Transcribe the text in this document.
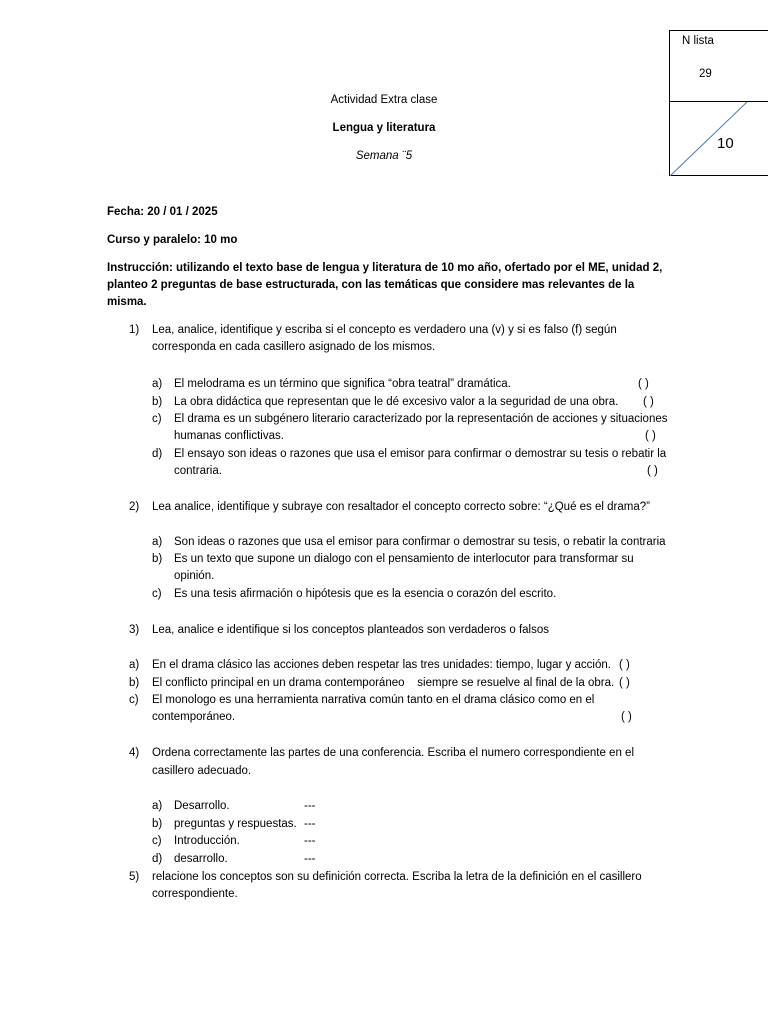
N lista
29
10
Actividad Extra clase
Lengua y literatura
Semana ¨5
Fecha: 20 / 01 / 2025
Curso y paralelo: 10 mo
Instrucción: utilizando el texto base de lengua y literatura de 10 mo año, ofertado por el ME, unidad 2,
planteo 2 preguntas de base estructurada, con las temáticas que considere mas relevantes de la
misma.
1) Lea, analice, identifique y escriba si el concepto es verdadero una (v) y si es falso (f) según
corresponda en cada casillero asignado de los mismos.
a) El melodrama es un término que significa “obra teatral” dramática.	( )
b) La obra didáctica que representan que le dé excesivo valor a la seguridad de una obra. ( )
c) El drama es un subgénero literario caracterizado por la representación de acciones y situaciones
humanas conflictivas.	( )
d) El ensayo son ideas o razones que usa el emisor para confirmar o demostrar su tesis o rebatir la
contraria.	( )
2) Lea analice, identifique y subraye con resaltador el concepto correcto sobre: “¿Qué es el drama?”
a) Son ideas o razones que usa el emisor para confirmar o demostrar su tesis, o rebatir la contraria
b) Es un texto que supone un dialogo con el pensamiento de interlocutor para transformar su
opinión.
c) Es una tesis afirmación o hipótesis que es la esencia o corazón del escrito.
3) Lea, analice e identifique si los conceptos planteados son verdaderos o falsos
a) En el drama clásico las acciones deben respetar las tres unidades: tiempo, lugar y acción. ( )
b) El conflicto principal en un drama contemporáneo    siempre se resuelve al final de la obra. ( )
c) El monologo es una herramienta narrativa común tanto en el drama clásico como en el
contemporáneo.	( )
4) Ordena correctamente las partes de una conferencia. Escriba el numero correspondiente en el
casillero adecuado.
a) Desarrollo.	---
b) preguntas y respuestas. ---
c) Introducción.	---
d) desarrollo.	---
5) relacione los conceptos son su definición correcta. Escriba la letra de la definición en el casillero
correspondiente.
